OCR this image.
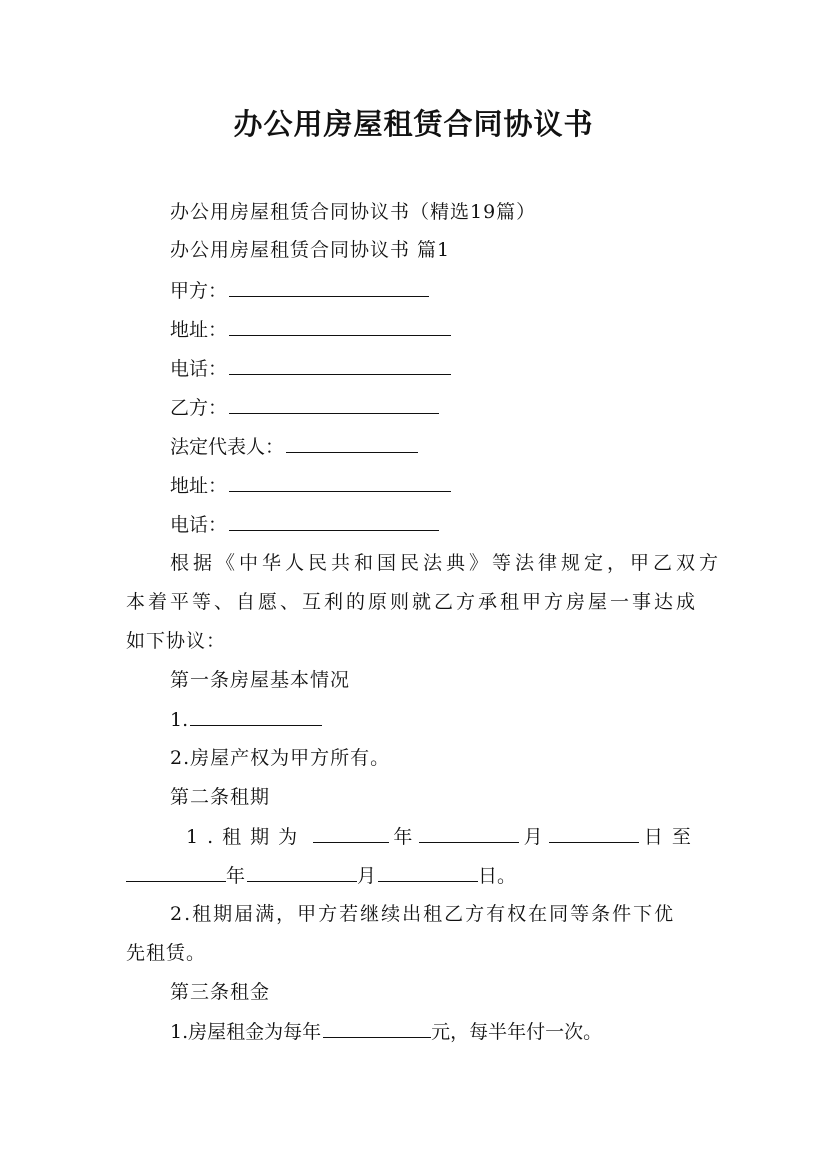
办公用房屋租赁合同协议书
办公用房屋租赁合同协议书（精选19篇）
办公用房屋租赁合同协议书 篇1
甲方：
地址：
电话：
乙方：
法定代表人：
地址：
电话：
根据《中华人民共和国民法典》等法律规定，甲乙双方
本着平等、自愿、互利的原则就乙方承租甲方房屋一事达成
如下协议：
第一条房屋基本情况
1.
2.房屋产权为甲方所有。
第二条租期
1.租期为	年	月	日至
年	月	日。
2.租期届满，甲方若继续出租乙方有权在同等条件下优
先租赁。
第三条租金
1.房屋租金为每年	元，每半年付一次。
